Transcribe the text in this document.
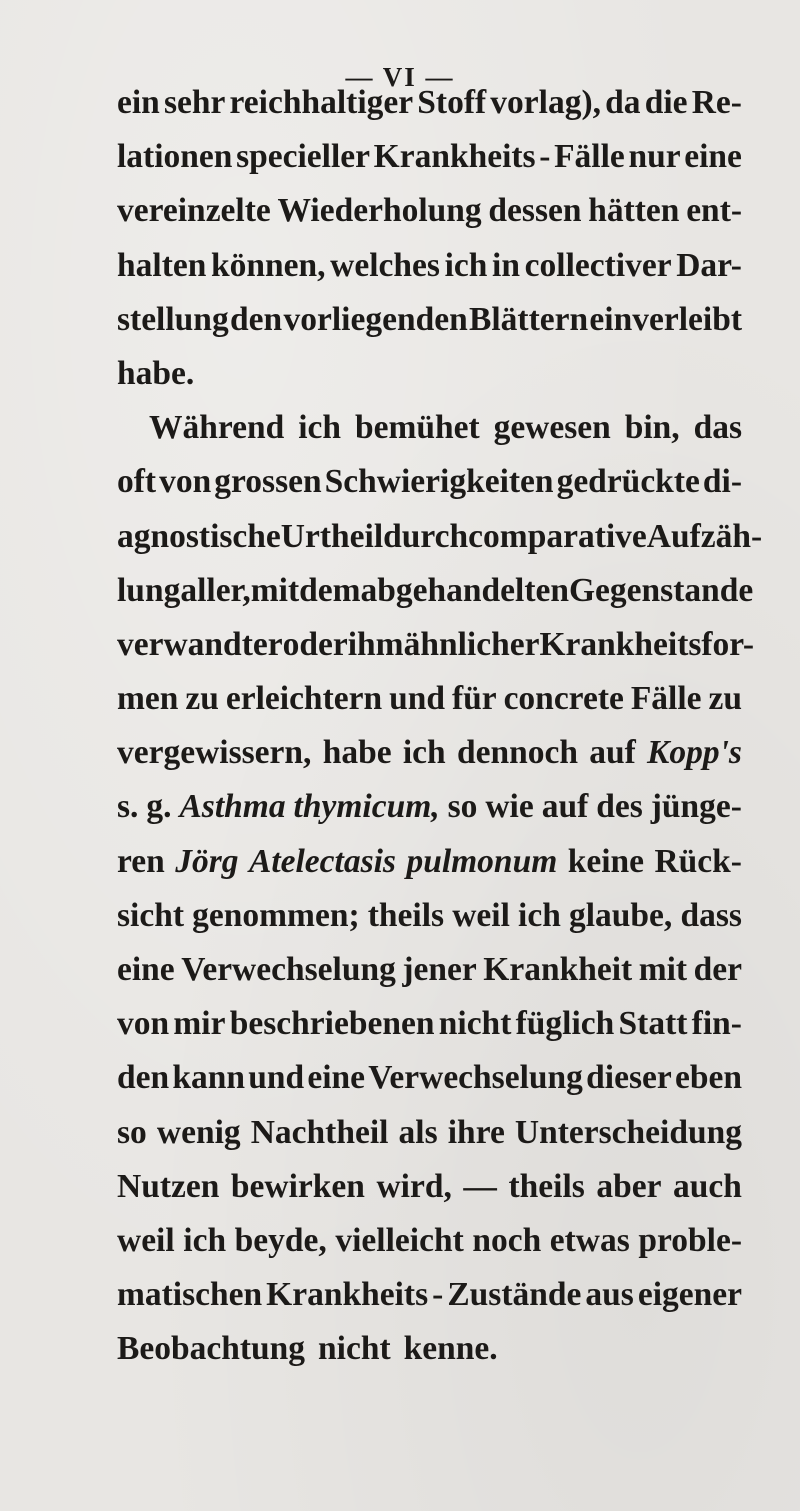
— VI —
ein sehr reichhaltiger Stoff vorlag), da die Re-
lationen specieller Krankheits - Fälle nur eine
vereinzelte Wiederholung dessen hätten ent-
halten können, welches ich in collectiver Dar-
stellung den vorliegenden Blättern einverleibt
habe.
Während ich bemühet gewesen bin, das
oft von grossen Schwierigkeiten gedrückte di-
agnostische Urtheil durch comparative Aufzäh-
lung aller, mit dem abgehandelten Gegenstande
verwandter oder ihm ähnlicher Krankheitsfor-
men zu erleichtern und für concrete Fälle zu
vergewissern, habe ich dennoch auf Kopp's
s. g. Asthma thymicum, so wie auf des jünge-
ren Jörg Atelectasis pulmonum keine Rück-
sicht genommen; theils weil ich glaube, dass
eine Verwechselung jener Krankheit mit der
von mir beschriebenen nicht füglich Statt fin-
den kann und eine Verwechselung dieser eben
so wenig Nachtheil als ihre Unterscheidung
Nutzen bewirken wird, — theils aber auch
weil ich beyde, vielleicht noch etwas proble-
matischen Krankheits - Zustände aus eigener
Beobachtung nicht kenne.
